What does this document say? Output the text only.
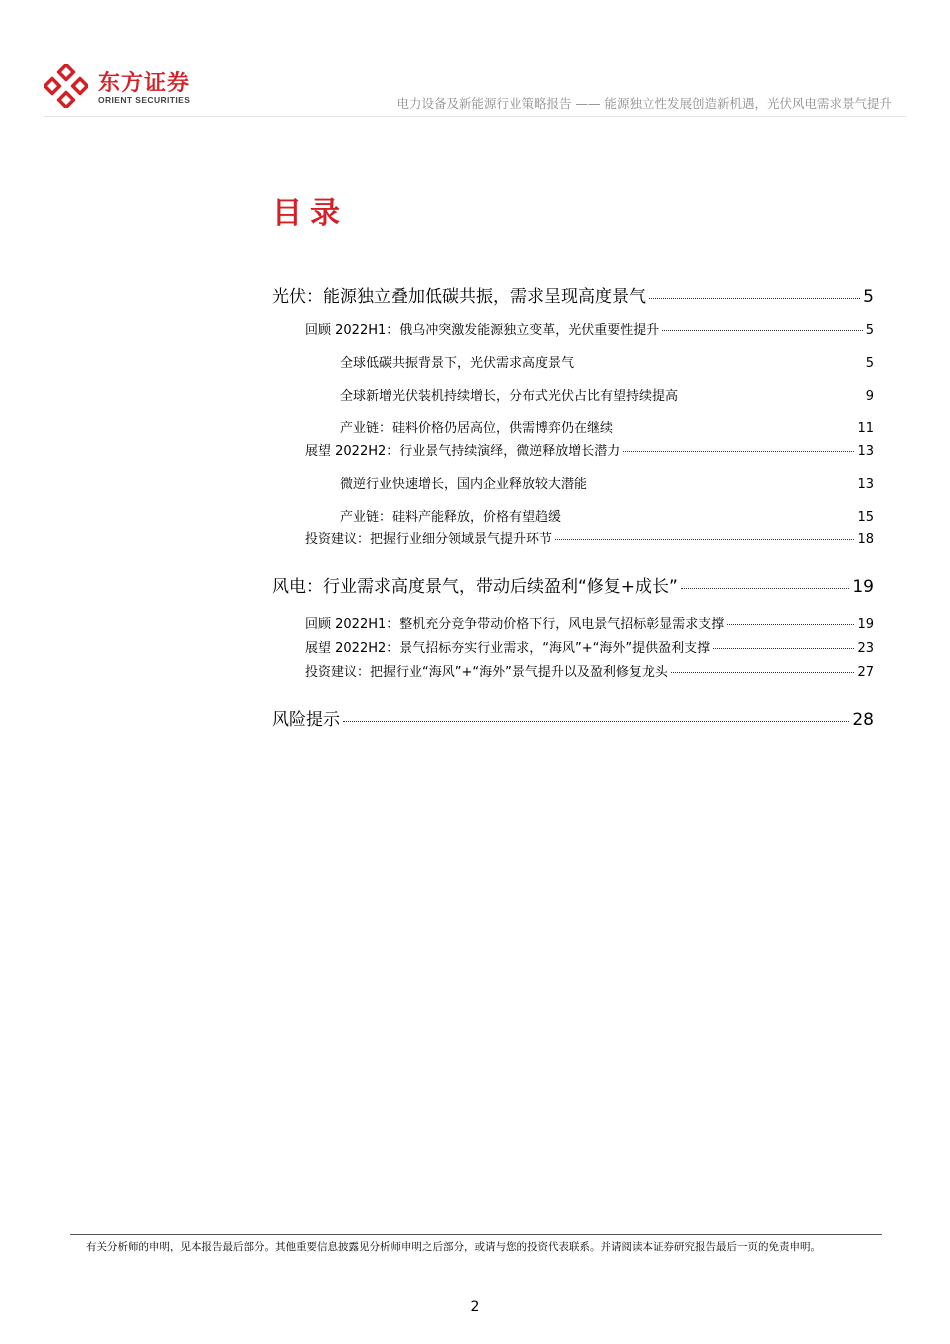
东方证券
ORIENT SECURITIES	电力设备及新能源行业策略报告 —— 能源独立性发展创造新机遇，光伏风电需求景气提升
目录
光伏：能源独立叠加低碳共振，需求呈现高度景气	5
回顾 2022H1：俄乌冲突激发能源独立变革，光伏重要性提升	5
全球低碳共振背景下，光伏需求高度景气	5
全球新增光伏装机持续增长，分布式光伏占比有望持续提高	9
产业链：硅料价格仍居高位，供需博弈仍在继续	11
展望 2022H2：行业景气持续演绎，微逆释放增长潜力	13
微逆行业快速增长，国内企业释放较大潜能	13
产业链：硅料产能释放，价格有望趋缓	15
投资建议：把握行业细分领域景气提升环节	18
风电：行业需求高度景气，带动后续盈利“修复+成长”	19
回顾 2022H1：整机充分竞争带动价格下行，风电景气招标彰显需求支撑	19
展望 2022H2：景气招标夯实行业需求，“海风”+“海外”提供盈利支撑	23
投资建议：把握行业“海风”+“海外”景气提升以及盈利修复龙头	27
风险提示	28
有关分析师的申明，见本报告最后部分。其他重要信息披露见分析师申明之后部分，或请与您的投资代表联系。并请阅读本证券研究报告最后一页的免责申明。
2
